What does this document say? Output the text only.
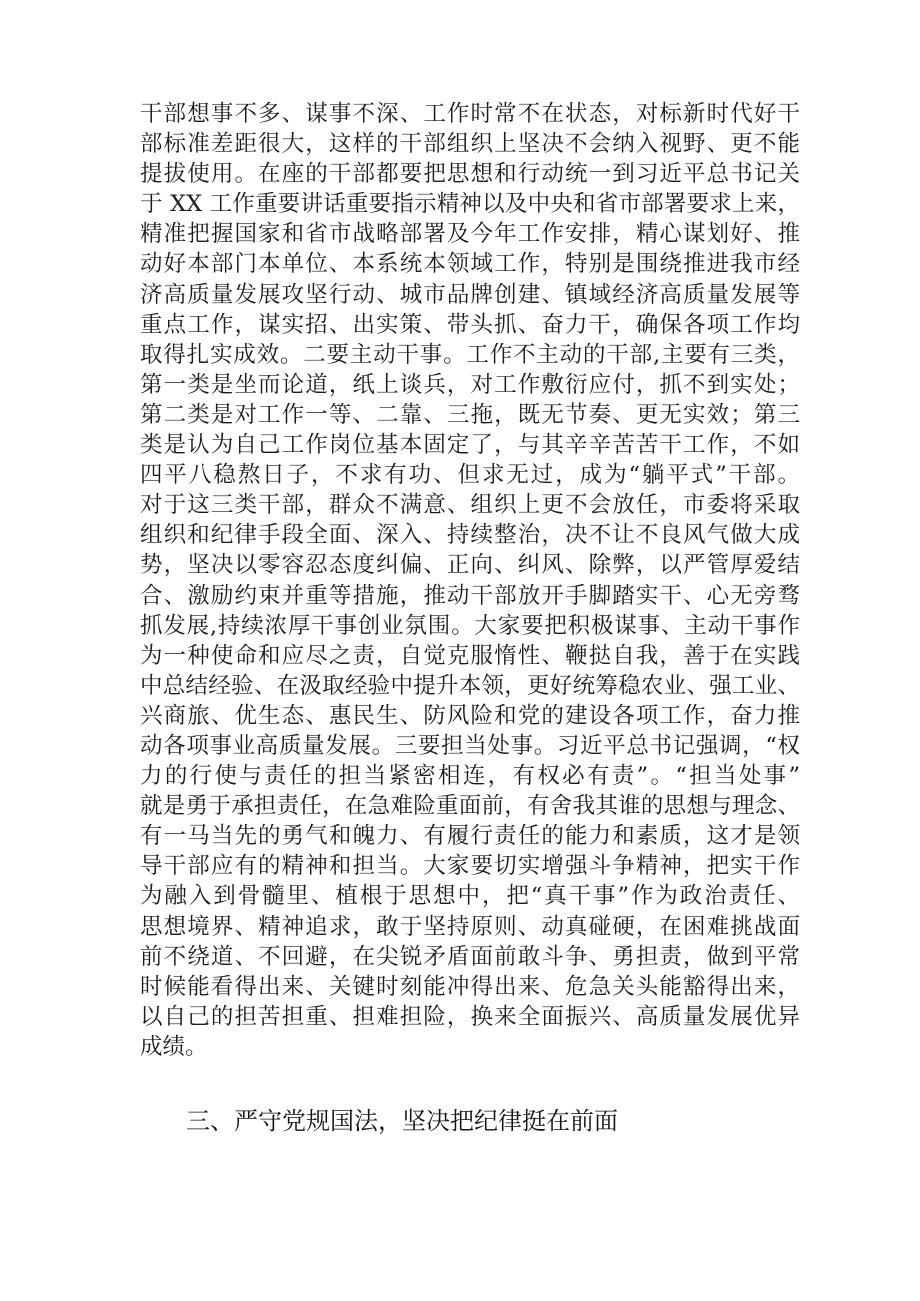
干部想事不多、谋事不深、工作时常不在状态，对标新时代好干
部标准差距很大，这样的干部组织上坚决不会纳入视野、更不能
提拔使用。在座的干部都要把思想和行动统一到习近平总书记关
于 XX 工作重要讲话重要指示精神以及中央和省市部署要求上来，
精准把握国家和省市战略部署及今年工作安排，精心谋划好、推
动好本部门本单位、本系统本领域工作，特别是围绕推进我市经
济高质量发展攻坚行动、城市品牌创建、镇域经济高质量发展等
重点工作，谋实招、出实策、带头抓、奋力干，确保各项工作均
取得扎实成效。二要主动干事。工作不主动的干部,主要有三类，
第一类是坐而论道，纸上谈兵，对工作敷衍应付，抓不到实处；
第二类是对工作一等、二靠、三拖，既无节奏、更无实效；第三
类是认为自己工作岗位基本固定了，与其辛辛苦苦干工作，不如
四平八稳熬日子，不求有功、但求无过，成为“躺平式”干部。
对于这三类干部，群众不满意、组织上更不会放任，市委将采取
组织和纪律手段全面、深入、持续整治，决不让不良风气做大成
势，坚决以零容忍态度纠偏、正向、纠风、除弊，以严管厚爱结
合、激励约束并重等措施，推动干部放开手脚踏实干、心无旁骛
抓发展,持续浓厚干事创业氛围。大家要把积极谋事、主动干事作
为一种使命和应尽之责，自觉克服惰性、鞭挞自我，善于在实践
中总结经验、在汲取经验中提升本领，更好统筹稳农业、强工业、
兴商旅、优生态、惠民生、防风险和党的建设各项工作，奋力推
动各项事业高质量发展。三要担当处事。习近平总书记强调，“权
力的行使与责任的担当紧密相连，有权必有责”。“担当处事”
就是勇于承担责任，在急难险重面前，有舍我其谁的思想与理念、
有一马当先的勇气和魄力、有履行责任的能力和素质，这才是领
导干部应有的精神和担当。大家要切实增强斗争精神，把实干作
为融入到骨髓里、植根于思想中，把“真干事”作为政治责任、
思想境界、精神追求，敢于坚持原则、动真碰硬，在困难挑战面
前不绕道、不回避，在尖锐矛盾面前敢斗争、勇担责，做到平常
时候能看得出来、关键时刻能冲得出来、危急关头能豁得出来，
以自己的担苦担重、担难担险，换来全面振兴、高质量发展优异
成绩。
三、严守党规国法，坚决把纪律挺在前面
